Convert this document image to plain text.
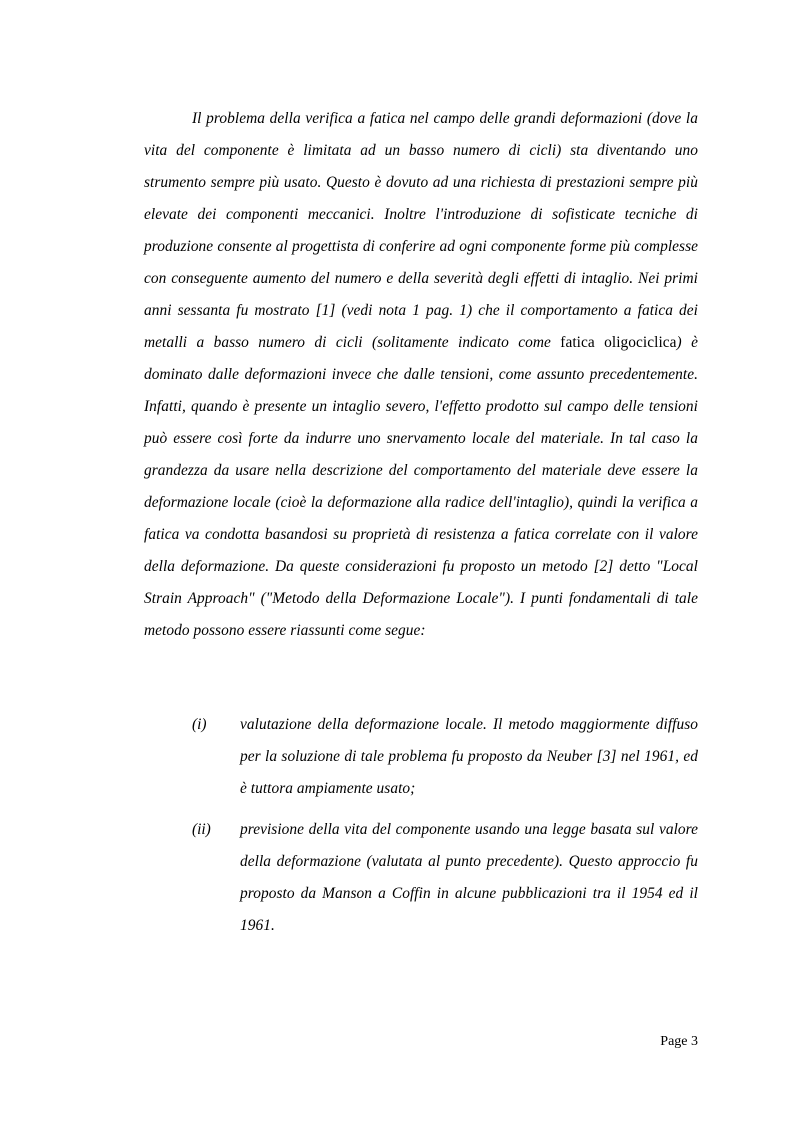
Il problema della verifica a fatica nel campo delle grandi deformazioni (dove la vita del componente è limitata ad un basso numero di cicli) sta diventando uno strumento sempre più usato. Questo è dovuto ad una richiesta di prestazioni sempre più elevate dei componenti meccanici. Inoltre l'introduzione di sofisticate tecniche di produzione consente al progettista di conferire ad ogni componente forme più complesse con conseguente aumento del numero e della severità degli effetti di intaglio. Nei primi anni sessanta fu mostrato [1] (vedi nota 1 pag. 1) che il comportamento a fatica dei metalli a basso numero di cicli (solitamente indicato come fatica oligociclica) è dominato dalle deformazioni invece che dalle tensioni, come assunto precedentemente. Infatti, quando è presente un intaglio severo, l'effetto prodotto sul campo delle tensioni può essere così forte da indurre uno snervamento locale del materiale. In tal caso la grandezza da usare nella descrizione del comportamento del materiale deve essere la deformazione locale (cioè la deformazione alla radice dell'intaglio), quindi la verifica a fatica va condotta basandosi su proprietà di resistenza a fatica correlate con il valore della deformazione. Da queste considerazioni fu proposto un metodo [2] detto "Local Strain Approach" ("Metodo della Deformazione Locale"). I punti fondamentali di tale metodo possono essere riassunti come segue:

(i) valutazione della deformazione locale. Il metodo maggiormente diffuso per la soluzione di tale problema fu proposto da Neuber [3] nel 1961, ed è tuttora ampiamente usato;
(ii) previsione della vita del componente usando una legge basata sul valore della deformazione (valutata al punto precedente). Questo approccio fu proposto da Manson a Coffin in alcune pubblicazioni tra il 1954 ed il 1961.
Page 3
